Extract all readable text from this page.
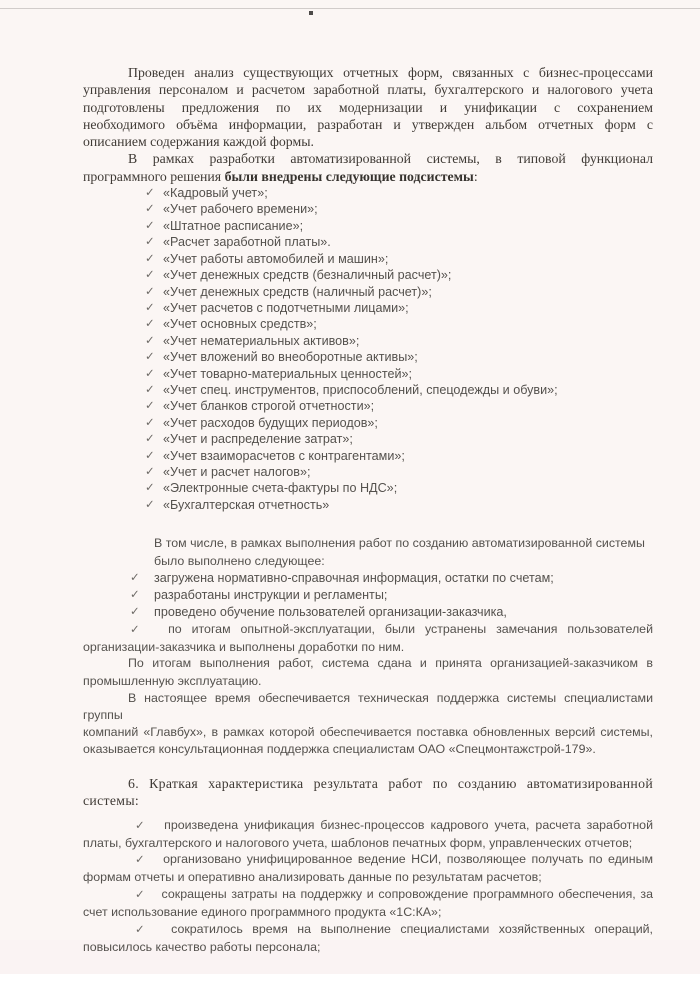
Проведен анализ существующих отчетных форм, связанных с бизнес-процессами
управления персоналом и расчетом заработной платы, бухгалтерского и налогового учета
подготовлены предложения по их модернизации и унификации с сохранением
необходимого объёма информации, разработан и утвержден альбом отчетных форм с
описанием содержания каждой формы.
В рамках разработки автоматизированной системы, в типовой функционал
программного решения были внедрены следующие подсистемы:
✓ «Кадровый учет»;
✓ «Учет рабочего времени»;
✓ «Штатное расписание»;
✓ «Расчет заработной платы».
✓ «Учет работы автомобилей и машин»;
✓ «Учет денежных средств (безналичный расчет)»;
✓ «Учет денежных средств (наличный расчет)»;
✓ «Учет расчетов с подотчетными лицами»;
✓ «Учет основных средств»;
✓ «Учет нематериальных активов»;
✓ «Учет вложений во внеоборотные активы»;
✓ «Учет товарно-материальных ценностей»;
✓ «Учет спец. инструментов, приспособлений, спецодежды и обуви»;
✓ «Учет бланков строгой отчетности»;
✓ «Учет расходов будущих периодов»;
✓ «Учет и распределение затрат»;
✓ «Учет взаиморасчетов с контрагентами»;
✓ «Учет и расчет налогов»;
✓ «Электронные счета-фактуры по НДС»;
✓ «Бухгалтерская отчетность»
В том числе, в рамках выполнения работ по созданию автоматизированной системы
было выполнено следующее:
✓ загружена нормативно-справочная информация, остатки по счетам;
✓ разработаны инструкции и регламенты;
✓ проведено обучение пользователей организации-заказчика,
✓ по итогам опытной-эксплуатации, были устранены замечания пользователей
организации-заказчика и выполнены доработки по ним.
По итогам выполнения работ, система сдана и принята организацией-заказчиком в
промышленную эксплуатацию.
В настоящее время обеспечивается техническая поддержка системы специалистами группы
компаний «Главбух», в рамках которой обеспечивается поставка обновленных версий системы,
оказывается консультационная поддержка специалистам ОАО «Спецмонтажстрой-179».
6. Краткая характеристика результата работ по созданию автоматизированной
системы:
✓ произведена унификация бизнес-процессов кадрового учета, расчета заработной
платы, бухгалтерского и налогового учета, шаблонов печатных форм, управленческих отчетов;
✓ организовано унифицированное ведение НСИ, позволяющее получать по единым
формам отчеты и оперативно анализировать данные по результатам расчетов;
✓ сокращены затраты на поддержку и сопровождение программного обеспечения, за
счет использование единого программного продукта «1С:КА»;
✓ сократилось время на выполнение специалистами хозяйственных операций,
повысилось качество работы персонала;
